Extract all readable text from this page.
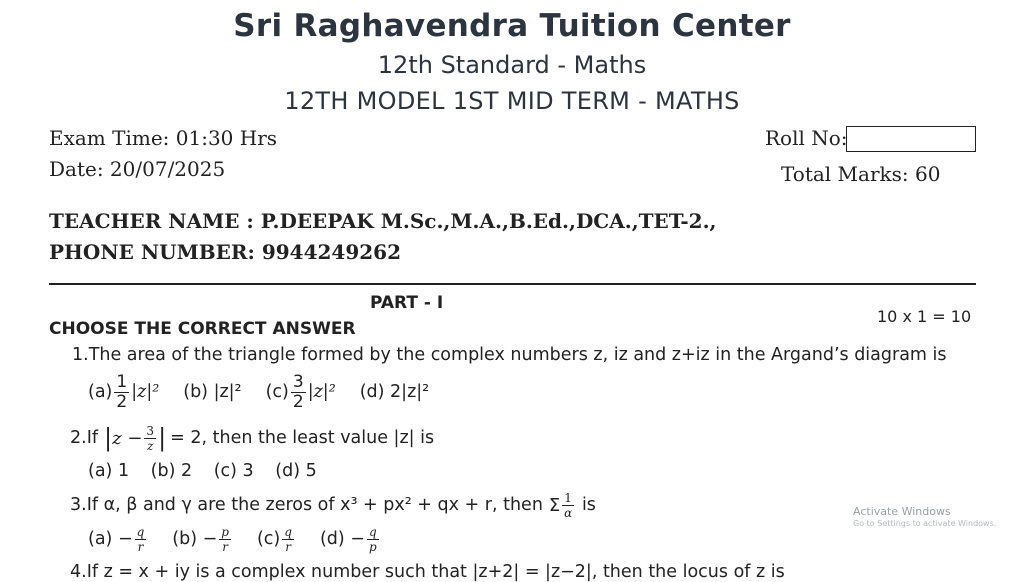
Sri Raghavendra Tuition Center
12th Standard - Maths
12TH MODEL 1ST MID TERM - MATHS
Exam Time: 01:30 Hrs
Date: 20/07/2025
Roll No:
Total Marks: 60
TEACHER NAME : P.DEEPAK M.Sc.,M.A.,B.Ed.,DCA.,TET-2.,
PHONE NUMBER: 9944249262
PART - I
CHOOSE THE CORRECT ANSWER
10 x 1 = 10
1.The area of the triangle formed by the complex numbers z, iz and z+iz in the Argand’s diagram is
$(a) \frac{1}{2} |z|^2$ (b) |z|² $(c) \frac{3}{2} |z|^2$ (d) 2|z|²
2.If | $z - \frac{3}{z}$ | = 2, then the least value |z| is
(a) 1 (b) 2 (c) 3 (d) 5
3.If α, β and γ are the zeros of x³ + px² + qx + r, then Σ $\frac{1}{\alpha}$ is
$(a) - \frac{q}{r} (b) - \frac{p}{r} (c) \frac{q}{r} (d) - \frac{q}{p}$
4.If z = x + iy is a complex number such that |z+2| = |z−2|, then the locus of z is
Activate Windows
Go to Settings to activate Windows.
